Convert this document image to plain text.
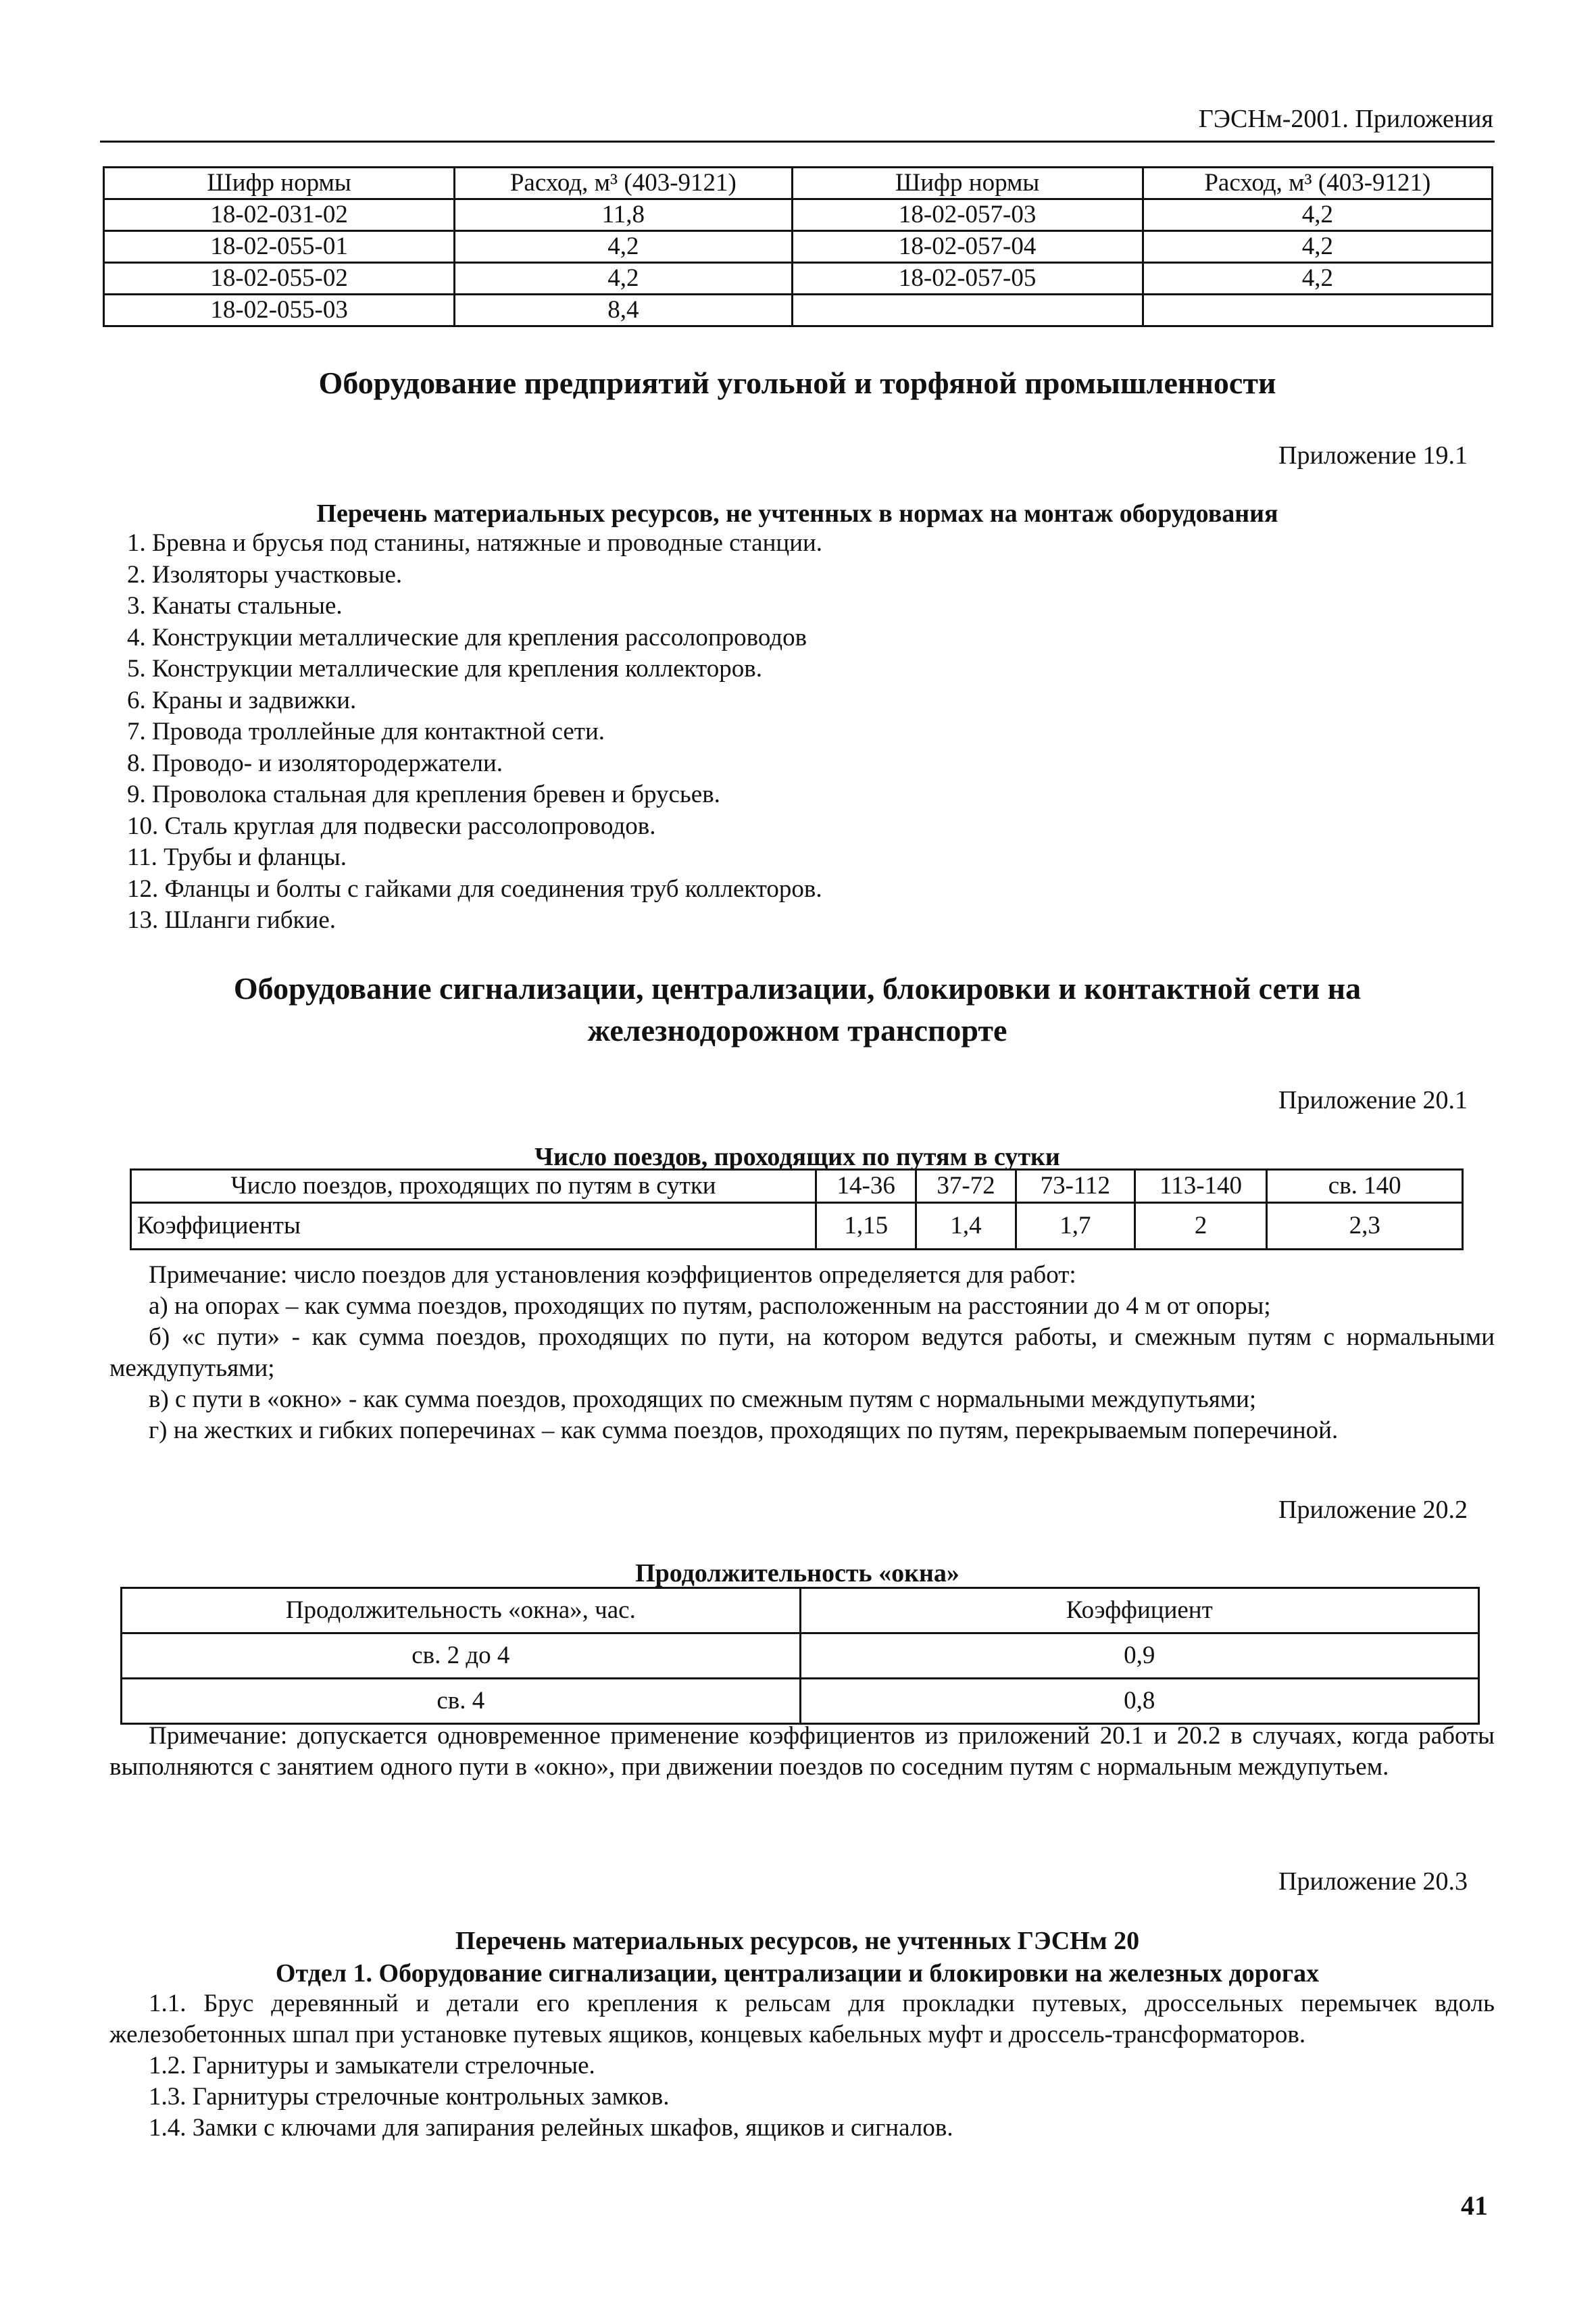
ГЭСНм-2001. Приложения
Шифр нормы	Расход, м³ (403-9121)	Шифр нормы	Расход, м³ (403-9121)
18-02-031-02	11,8	18-02-057-03	4,2
18-02-055-01	4,2	18-02-057-04	4,2
18-02-055-02	4,2	18-02-057-05	4,2
18-02-055-03	8,4		
Оборудование предприятий угольной и торфяной промышленности
Приложение 19.1
Перечень материальных ресурсов, не учтенных в нормах на монтаж оборудования
1. Бревна и брусья под станины, натяжные и проводные станции.
2. Изоляторы участковые.
3. Канаты стальные.
4. Конструкции металлические для крепления рассолопроводов
5. Конструкции металлические для крепления коллекторов.
6. Краны и задвижки.
7. Провода троллейные для контактной сети.
8. Проводо- и изолятородержатели.
9. Проволока стальная для крепления бревен и брусьев.
10. Сталь круглая для подвески рассолопроводов.
11. Трубы и фланцы.
12. Фланцы и болты с гайками для соединения труб коллекторов.
13. Шланги гибкие.
Оборудование сигнализации, централизации, блокировки и контактной сети на
железнодорожном транспорте
Приложение 20.1
Число поездов, проходящих по путям в сутки
Число поездов, проходящих по путям в сутки	14-36	37-72	73-112	113-140	св. 140
Коэффициенты	1,15	1,4	1,7	2	2,3
Примечание: число поездов для установления коэффициентов определяется для работ:
а) на опорах – как сумма поездов, проходящих по путям, расположенным на расстоянии до 4 м от опоры;
б) «с пути» - как сумма поездов, проходящих по пути, на котором ведутся работы, и смежным путям с нормальными междупутьями;
в) с пути в «окно» - как сумма поездов, проходящих по смежным путям с нормальными междупутьями;
г) на жестких и гибких поперечинах – как сумма поездов, проходящих по путям, перекрываемым поперечиной.
Приложение 20.2
Продолжительность «окна»
Продолжительность «окна», час.	Коэффициент
св. 2 до 4	0,9
св. 4	0,8
Примечание: допускается одновременное применение коэффициентов из приложений 20.1 и 20.2 в случаях, когда работы выполняются с занятием одного пути в «окно», при движении поездов по соседним путям с нормальным междупутьем.
Приложение 20.3
Перечень материальных ресурсов, не учтенных ГЭСНм 20
Отдел 1. Оборудование сигнализации, централизации и блокировки на железных дорогах
1.1. Брус деревянный и детали его крепления к рельсам для прокладки путевых, дроссельных перемычек вдоль железобетонных шпал при установке путевых ящиков, концевых кабельных муфт и дроссель-трансформаторов.
1.2. Гарнитуры и замыкатели стрелочные.
1.3. Гарнитуры стрелочные контрольных замков.
1.4. Замки с ключами для запирания релейных шкафов, ящиков и сигналов.
41
